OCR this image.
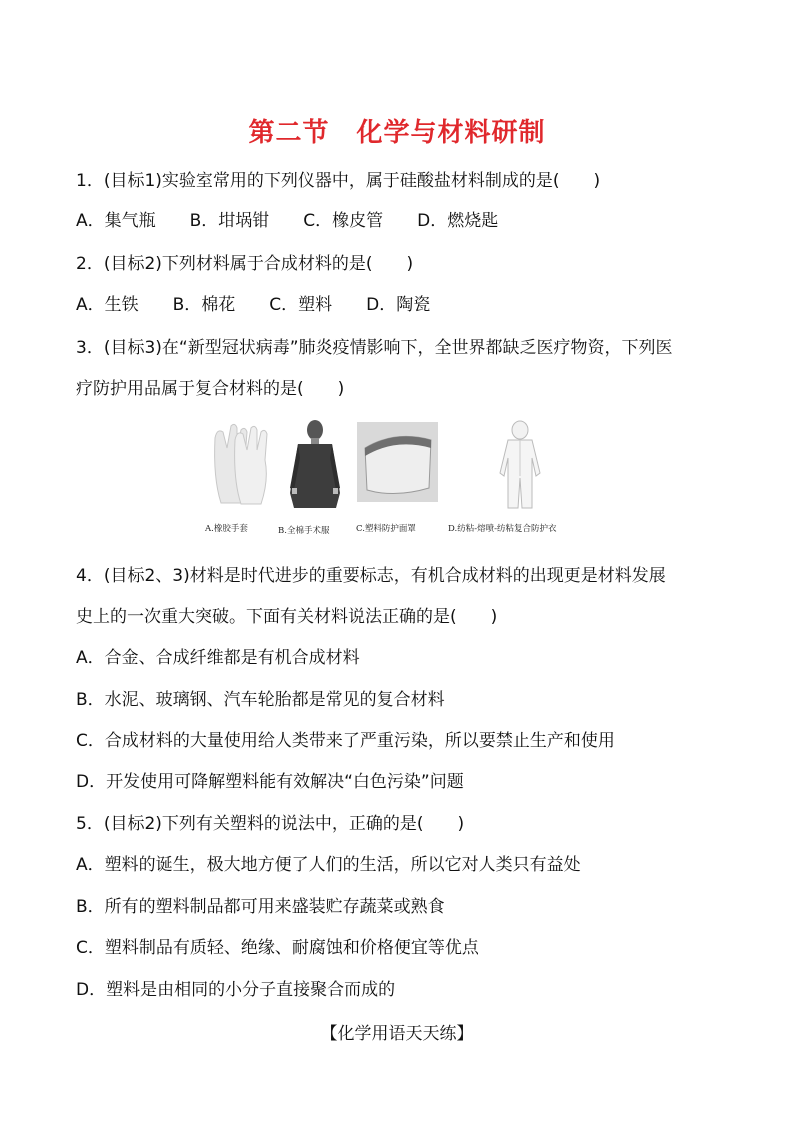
第二节　化学与材料研制
1．(目标1)实验室常用的下列仪器中，属于硅酸盐材料制成的是(　　)
A．集气瓶　　B．坩埚钳　　C．橡皮管　　D．燃烧匙
2．(目标2)下列材料属于合成材料的是(　　)
A．生铁　　B．棉花　　C．塑料　　D．陶瓷
3．(目标3)在“新型冠状病毒”肺炎疫情影响下，全世界都缺乏医疗物资，下列医
疗防护用品属于复合材料的是(　　)
A.橡胶手套	B.全棉手术服	C.塑料防护面罩	D.纺粘-熔喷-纺粘复合防护衣
4．(目标2、3)材料是时代进步的重要标志，有机合成材料的出现更是材料发展
史上的一次重大突破。下面有关材料说法正确的是(　　)
A．合金、合成纤维都是有机合成材料
B．水泥、玻璃钢、汽车轮胎都是常见的复合材料
C．合成材料的大量使用给人类带来了严重污染，所以要禁止生产和使用
D．开发使用可降解塑料能有效解决“白色污染”问题
5．(目标2)下列有关塑料的说法中，正确的是(　　)
A．塑料的诞生，极大地方便了人们的生活，所以它对人类只有益处
B．所有的塑料制品都可用来盛装贮存蔬菜或熟食
C．塑料制品有质轻、绝缘、耐腐蚀和价格便宜等优点
D．塑料是由相同的小分子直接聚合而成的
【化学用语天天练】
